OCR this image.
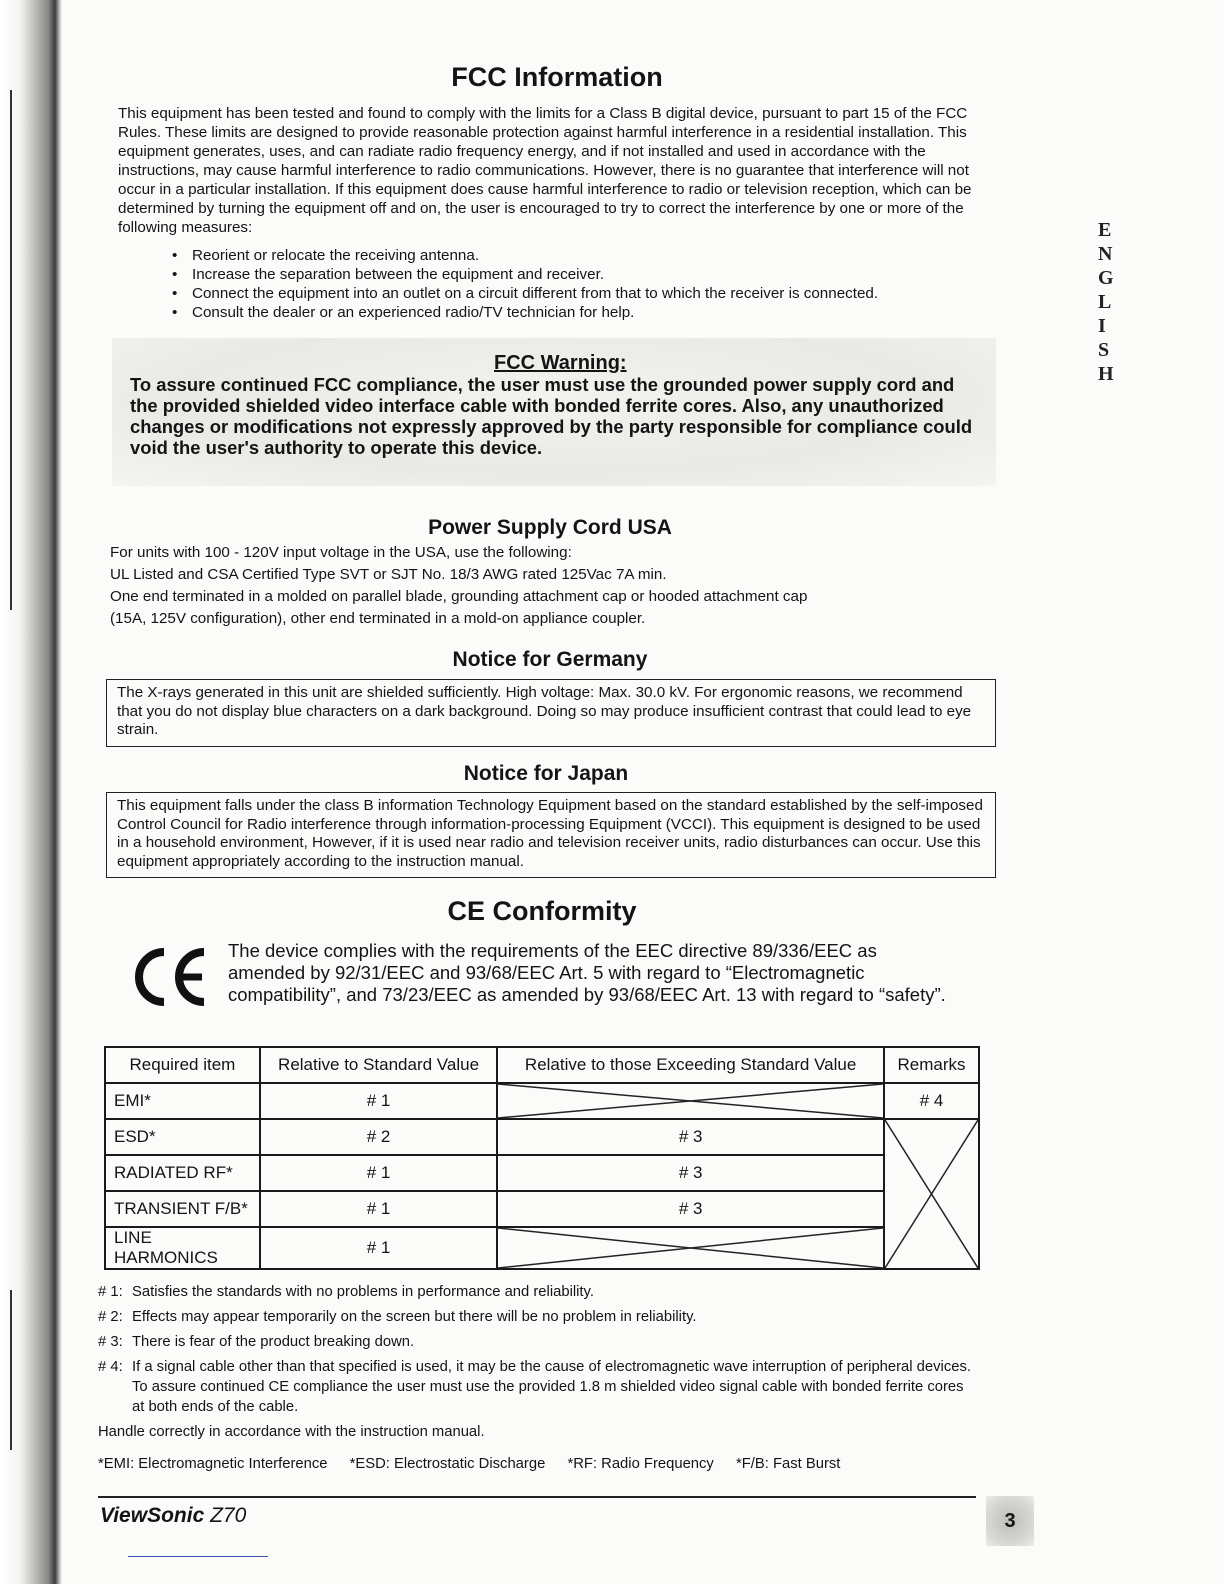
E
N
G
L
I
S
H
FCC Information

This equipment has been tested and found to comply with the limits for a Class B digital device, pursuant to part 15 of the FCC Rules. These limits are designed to provide reasonable protection against harmful interference in a residential installation. This equipment generates, uses, and can radiate radio frequency energy, and if not installed and used in accordance with the instructions, may cause harmful interference to radio communications. However, there is no guarantee that interference will not occur in a particular installation. If this equipment does cause harmful interference to radio or television reception, which can be determined by turning the equipment off and on, the user is encouraged to try to correct the interference by one or more of the following measures:

• Reorient or relocate the receiving antenna.
• Increase the separation between the equipment and receiver.
• Connect the equipment into an outlet on a circuit different from that to which the receiver is connected.
• Consult the dealer or an experienced radio/TV technician for help.
FCC Warning:

To assure continued FCC compliance, the user must use the grounded power supply cord and the provided shielded video interface cable with bonded ferrite cores. Also, any unauthorized changes or modifications not expressly approved by the party responsible for compliance could void the user's authority to operate this device.

Power Supply Cord USA
For units with 100 - 120V input voltage in the USA, use the following:
UL Listed and CSA Certified Type SVT or SJT No. 18/3 AWG rated 125Vac 7A min.
One end terminated in a molded on parallel blade, grounding attachment cap or hooded attachment cap
(15A, 125V configuration), other end terminated in a mold-on appliance coupler.
Notice for Germany
The X-rays generated in this unit are shielded sufficiently. High voltage: Max. 30.0 kV. For ergonomic reasons, we recommend that you do not display blue characters on a dark background. Doing so may produce insufficient contrast that could lead to eye strain.
Notice for Japan
This equipment falls under the class B information Technology Equipment based on the standard established by the self-imposed Control Council for Radio interference through information-processing Equipment (VCCI). This equipment is designed to be used in a household environment, However, if it is used near radio and television receiver units, radio disturbances can occur. Use this equipment appropriately according to the instruction manual.
CE Conformity

The device complies with the requirements of the EEC directive 89/336/EEC as amended by 92/31/EEC and 93/68/EEC Art. 5 with regard to “Electromagnetic compatibility”, and 73/23/EEC as amended by 93/68/EEC Art. 13 with regard to “safety”.

Required item	Relative to Standard Value	Relative to those Exceeding Standard Value	Remarks
EMI*	# 1		# 4
ESD*	# 2	# 3	

RADIATED RF*	# 1	# 3	
TRANSIENT F/B*	# 1	# 3	
LINE HARMONICS	# 1	
# 1: Satisfies the standards with no problems in performance and reliability.
# 2: Effects may appear temporarily on the screen but there will be no problem in reliability.
# 3: There is fear of the product breaking down.
# 4: If a signal cable other than that specified is used, it may be the cause of electromagnetic wave interruption of peripheral devices. To assure continued CE compliance the user must use the provided 1.8 m shielded video signal cable with bonded ferrite cores at both ends of the cable.
Handle correctly in accordance with the instruction manual.
*EMI: Electromagnetic Interference *ESD: Electrostatic Discharge *RF: Radio Frequency *F/B: Fast Burst
ViewSonic Z70	3
